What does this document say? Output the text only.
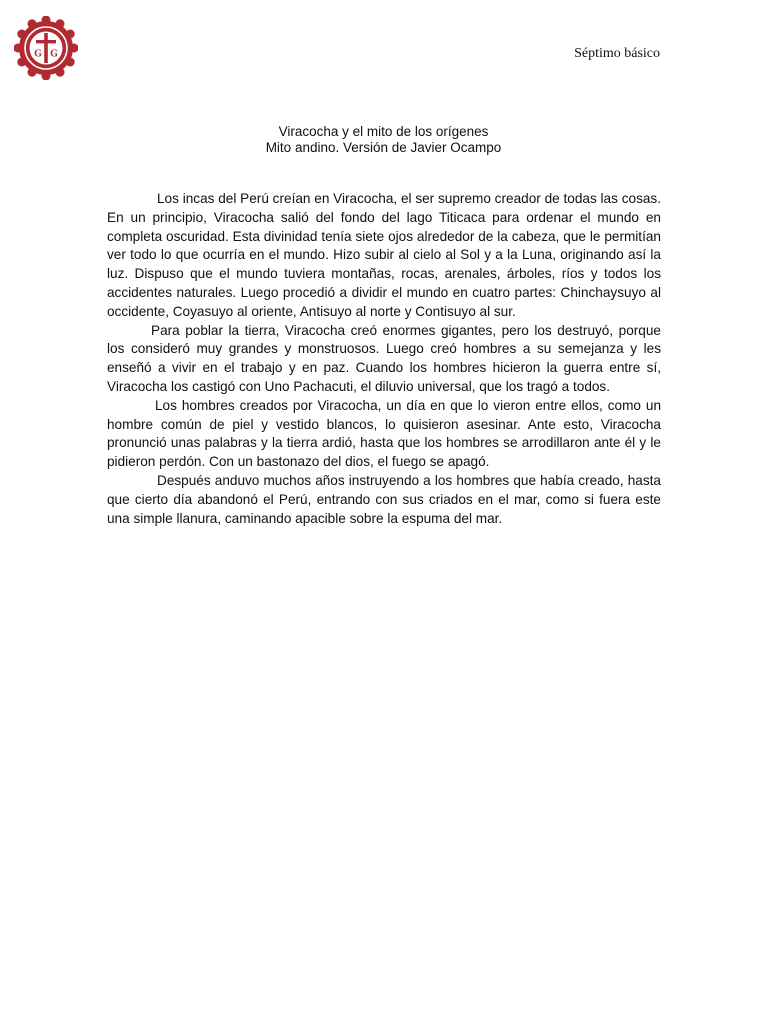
G G	Séptimo básico
Viracocha y el mito de los orígenes
Mito andino. Versión de Javier Ocampo

Los incas del Perú creían en Viracocha, el ser supremo creador de todas las cosas. En un principio, Viracocha salió del fondo del lago Titicaca para ordenar el mundo en completa oscuridad. Esta divinidad tenía siete ojos alrededor de la cabeza, que le permitían ver todo lo que ocurría en el mundo. Hizo subir al cielo al Sol y a la Luna, originando así la luz. Dispuso que el mundo tuviera montañas, rocas, arenales, árboles, ríos y todos los accidentes naturales. Luego procedió a dividir el mundo en cuatro partes: Chinchaysuyo al occidente, Coyasuyo al oriente, Antisuyo al norte y Contisuyo al sur.

Para poblar la tierra, Viracocha creó enormes gigantes, pero los destruyó, porque los consideró muy grandes y monstruosos. Luego creó hombres a su semejanza y les enseñó a vivir en el trabajo y en paz. Cuando los hombres hicieron la guerra entre sí, Viracocha los castigó con Uno Pachacuti, el diluvio universal, que los tragó a todos.

Los hombres creados por Viracocha, un día en que lo vieron entre ellos, como un hombre común de piel y vestido blancos, lo quisieron asesinar. Ante esto, Viracocha pronunció unas palabras y la tierra ardió, hasta que los hombres se arrodillaron ante él y le pidieron perdón. Con un bastonazo del dios, el fuego se apagó.

Después anduvo muchos años instruyendo a los hombres que había creado, hasta que cierto día abandonó el Perú, entrando con sus criados en el mar, como si fuera este una simple llanura, caminando apacible sobre la espuma del mar.
